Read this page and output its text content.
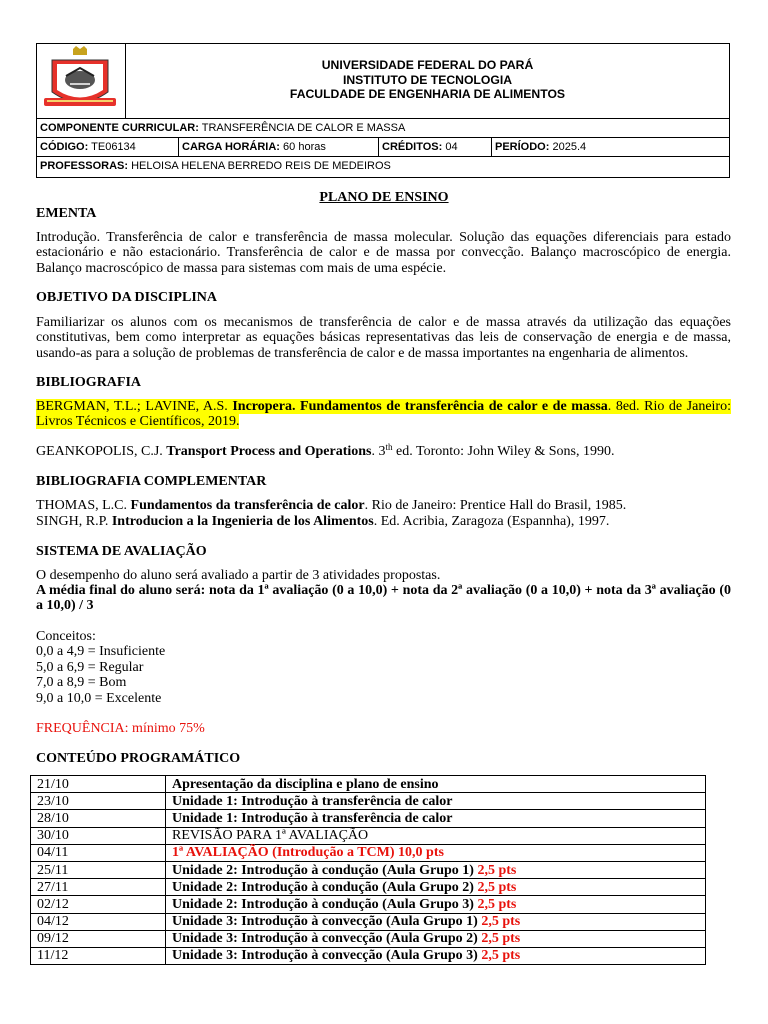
UNIVERSIDADE FEDERAL DO PARÁ
INSTITUTO DE TECNOLOGIA
FACULDADE DE ENGENHARIA DE ALIMENTOS
COMPONENTE CURRICULAR: TRANSFERÊNCIA DE CALOR E MASSA
CÓDIGO: TE06134	CARGA HORÁRIA: 60 horas	CRÉDITOS: 04	PERÍODO: 2025.4
PROFESSORAS: HELOISA HELENA BERREDO REIS DE MEDEIROS
PLANO DE ENSINO
EMENTA
Introdução. Transferência de calor e transferência de massa molecular. Solução das equações diferenciais para estado estacionário e não estacionário. Transferência de calor e de massa por convecção. Balanço macroscópico de energia. Balanço macroscópico de massa para sistemas com mais de uma espécie.
OBJETIVO DA DISCIPLINA
Familiarizar os alunos com os mecanismos de transferência de calor e de massa através da utilização das equações constitutivas, bem como interpretar as equações básicas representativas das leis de conservação de energia e de massa, usando-as para a solução de problemas de transferência de calor e de massa importantes na engenharia de alimentos.
BIBLIOGRAFIA
BERGMAN, T.L.; LAVINE, A.S. Incropera. Fundamentos de transferência de calor e de massa. 8ed. Rio de Janeiro: Livros Técnicos e Científicos, 2019.
GEANKOPOLIS, C.J. Transport Process and Operations. 3th ed. Toronto: John Wiley & Sons, 1990.
BIBLIOGRAFIA COMPLEMENTAR
THOMAS, L.C. Fundamentos da transferência de calor. Rio de Janeiro: Prentice Hall do Brasil, 1985.
SINGH, R.P. Introducion a la Ingenieria de los Alimentos. Ed. Acribia, Zaragoza (Espannha), 1997.
SISTEMA DE AVALIAÇÃO
O desempenho do aluno será avaliado a partir de 3 atividades propostas.
A média final do aluno será: nota da 1ª avaliação (0 a 10,0) + nota da 2ª avaliação (0 a 10,0) + nota da 3ª avaliação (0 a 10,0) / 3
Conceitos:
0,0 a 4,9 = Insuficiente
5,0 a 6,9 = Regular
7,0 a 8,9 = Bom
9,0 a 10,0 = Excelente
FREQUÊNCIA: mínimo 75%
CONTEÚDO PROGRAMÁTICO
21/10	Apresentação da disciplina e plano de ensino
23/10	Unidade 1: Introdução à transferência de calor
28/10	Unidade 1: Introdução à transferência de calor
30/10	REVISÃO PARA 1ª AVALIAÇÃO
04/11	1ª AVALIAÇÃO (Introdução a TCM) 10,0 pts
25/11	Unidade 2: Introdução à condução (Aula Grupo 1) 2,5 pts
27/11	Unidade 2: Introdução à condução (Aula Grupo 2) 2,5 pts
02/12	Unidade 2: Introdução à condução (Aula Grupo 3) 2,5 pts
04/12	Unidade 3: Introdução à convecção (Aula Grupo 1) 2,5 pts
09/12	Unidade 3: Introdução à convecção (Aula Grupo 2) 2,5 pts
11/12	Unidade 3: Introdução à convecção (Aula Grupo 3) 2,5 pts
